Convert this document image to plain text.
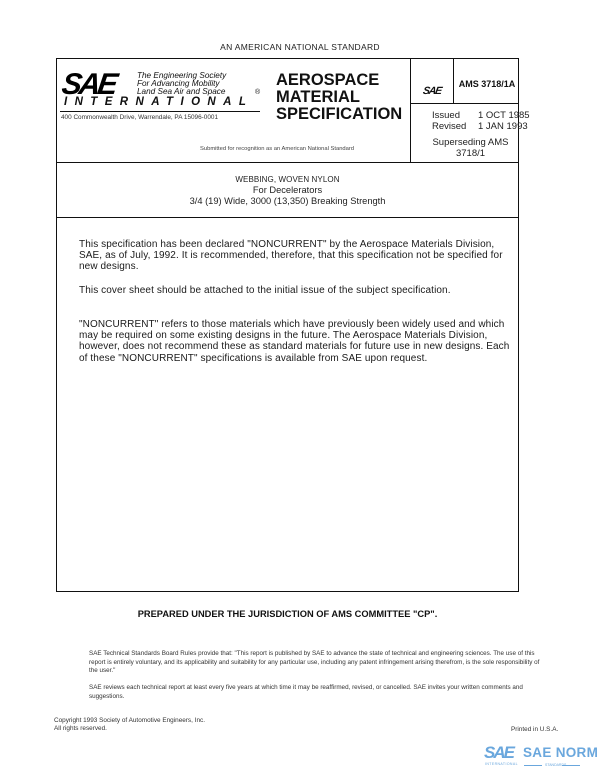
AN AMERICAN NATIONAL STANDARD
SAE The Engineering Society
For Advancing Mobility
Land Sea Air and Space	®
INTERNATIONAL
400 Commonwealth Drive, Warrendale, PA 15096-0001
AEROSPACE
MATERIAL
SPECIFICATION
Submitted for recognition as an American National Standard
SAE
AMS 3718/1A
Issued 1 OCT 1985
Revised 1 JAN 1993
Superseding AMS 3718/1
WEBBING, WOVEN NYLON
For Decelerators
3/4 (19) Wide, 3000 (13,350) Breaking Strength

This specification has been declared "NONCURRENT" by the Aerospace Materials Division, SAE, as of July, 1992. It is recommended, therefore, that this specification not be specified for new designs.

This cover sheet should be attached to the initial issue of the subject specification.

"NONCURRENT" refers to those materials which have previously been widely used and which may be required on some existing designs in the future. The Aerospace Materials Division, however, does not recommend these as standard materials for future use in new designs. Each of these "NONCURRENT" specifications is available from SAE upon request.

PREPARED UNDER THE JURISDICTION OF AMS COMMITTEE "CP".
SAE Technical Standards Board Rules provide that: "This report is published by SAE to advance the state of technical and engineering sciences. The use of this report is entirely voluntary, and its applicability and suitability for any particular use, including any patent infringement arising therefrom, is the sole responsibility of the user."
SAE reviews each technical report at least every five years at which time it may be reaffirmed, revised, or cancelled. SAE invites your written comments and suggestions.
Copyright 1993 Society of Automotive Engineers, Inc.
All rights reserved.	Printed in U.S.A.
SAE SAE NORM
INTERNATIONAL	STANDARDS
